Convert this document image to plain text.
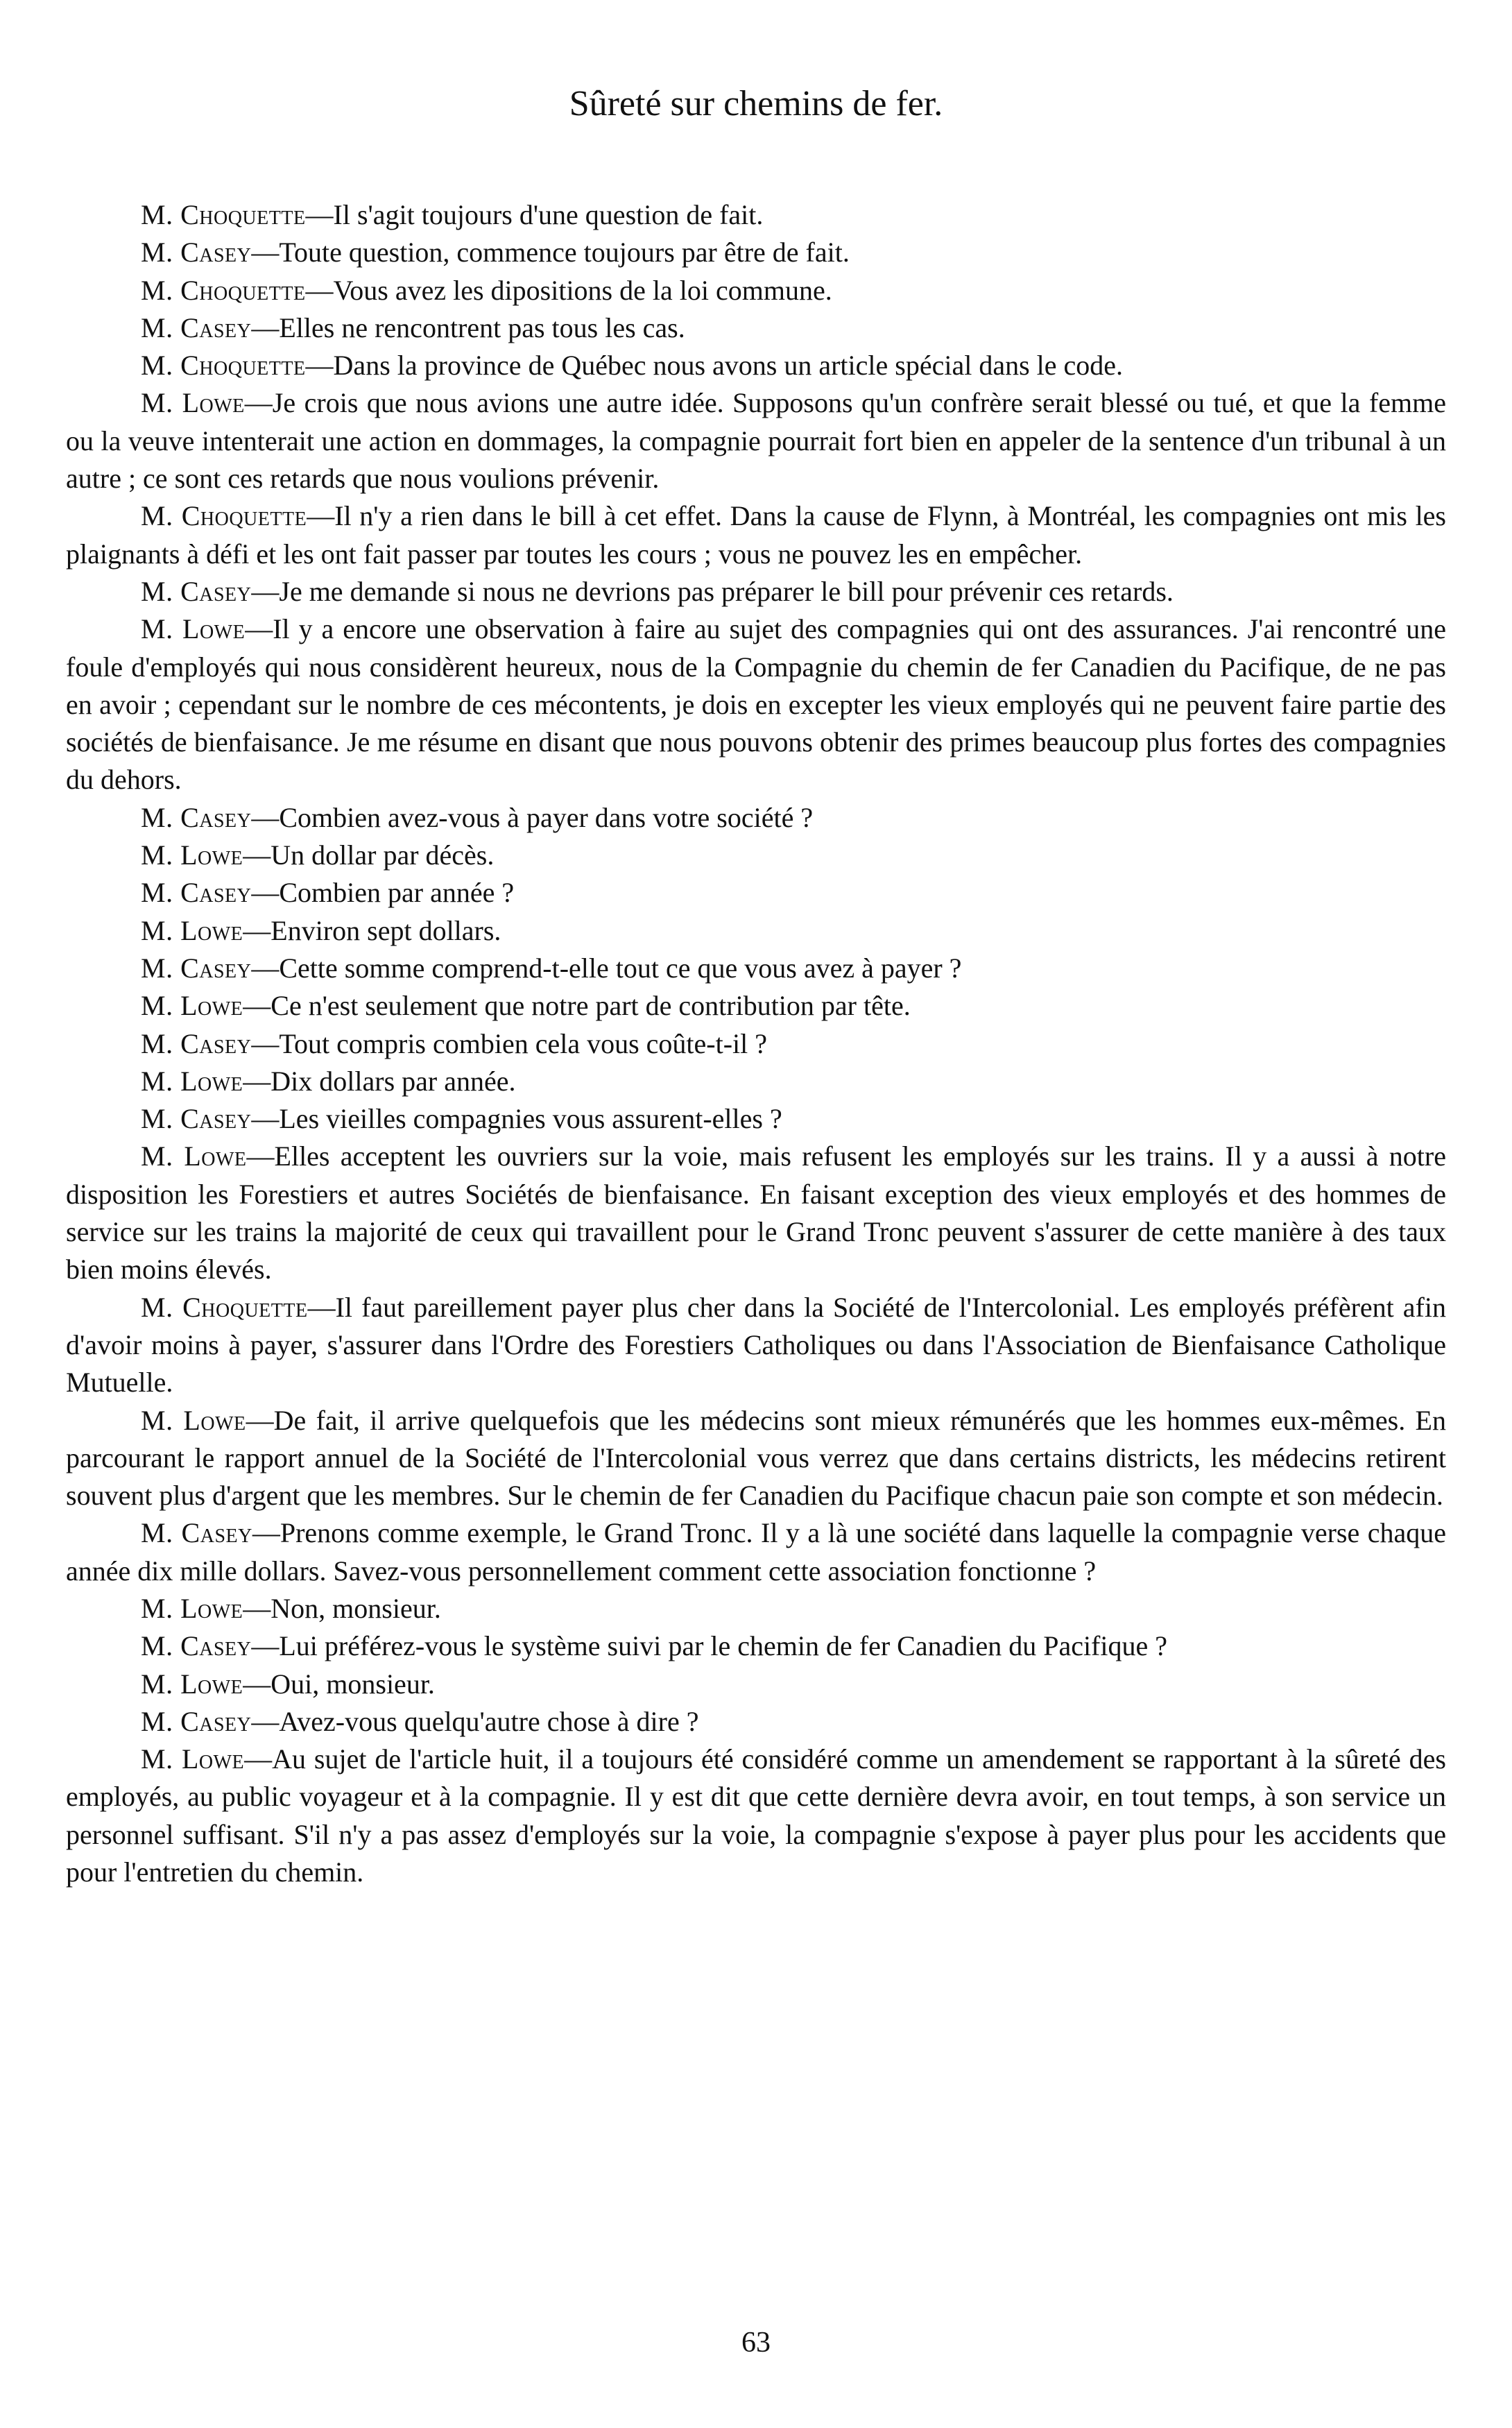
Sûreté sur chemins de fer.

M. Choquette—Il s'agit toujours d'une question de fait.

M. Casey—Toute question, commence toujours par être de fait.

M. Choquette—Vous avez les dipositions de la loi commune.

M. Casey—Elles ne rencontrent pas tous les cas.

M. Choquette—Dans la province de Québec nous avons un article spécial dans le code.

M. Lowe—Je crois que nous avions une autre idée. Supposons qu'un confrère serait blessé ou tué, et que la femme ou la veuve intenterait une action en dommages, la compagnie pourrait fort bien en appeler de la sentence d'un tribunal à un autre ; ce sont ces retards que nous voulions prévenir.

M. Choquette—Il n'y a rien dans le bill à cet effet. Dans la cause de Flynn, à Montréal, les compagnies ont mis les plaignants à défi et les ont fait passer par toutes les cours ; vous ne pouvez les en empêcher.

M. Casey—Je me demande si nous ne devrions pas préparer le bill pour prévenir ces retards.

M. Lowe—Il y a encore une observation à faire au sujet des compagnies qui ont des assurances. J'ai rencontré une foule d'employés qui nous considèrent heureux, nous de la Compagnie du chemin de fer Canadien du Pacifique, de ne pas en avoir ; cependant sur le nombre de ces mécontents, je dois en excepter les vieux employés qui ne peuvent faire partie des sociétés de bienfaisance. Je me résume en disant que nous pouvons obtenir des primes beaucoup plus fortes des compagnies du dehors.

M. Casey—Combien avez-vous à payer dans votre société ?

M. Lowe—Un dollar par décès.

M. Casey—Combien par année ?

M. Lowe—Environ sept dollars.

M. Casey—Cette somme comprend-t-elle tout ce que vous avez à payer ?

M. Lowe—Ce n'est seulement que notre part de contribution par tête.

M. Casey—Tout compris combien cela vous coûte-t-il ?

M. Lowe—Dix dollars par année.

M. Casey—Les vieilles compagnies vous assurent-elles ?

M. Lowe—Elles acceptent les ouvriers sur la voie, mais refusent les employés sur les trains. Il y a aussi à notre disposition les Forestiers et autres Sociétés de bienfaisance. En faisant exception des vieux employés et des hommes de service sur les trains la majorité de ceux qui travaillent pour le Grand Tronc peuvent s'assurer de cette manière à des taux bien moins élevés.

M. Choquette—Il faut pareillement payer plus cher dans la Société de l'Intercolonial. Les employés préfèrent afin d'avoir moins à payer, s'assurer dans l'Ordre des Forestiers Catholiques ou dans l'Association de Bienfaisance Catholique Mutuelle.

M. Lowe—De fait, il arrive quelquefois que les médecins sont mieux rémunérés que les hommes eux-mêmes. En parcourant le rapport annuel de la Société de l'Intercolonial vous verrez que dans certains districts, les médecins retirent souvent plus d'argent que les membres. Sur le chemin de fer Canadien du Pacifique chacun paie son compte et son médecin.

M. Casey—Prenons comme exemple, le Grand Tronc. Il y a là une société dans laquelle la compagnie verse chaque année dix mille dollars. Savez-vous personnellement comment cette association fonctionne ?

M. Lowe—Non, monsieur.

M. Casey—Lui préférez-vous le système suivi par le chemin de fer Canadien du Pacifique ?

M. Lowe—Oui, monsieur.

M. Casey—Avez-vous quelqu'autre chose à dire ?

M. Lowe—Au sujet de l'article huit, il a toujours été considéré comme un amendement se rapportant à la sûreté des employés, au public voyageur et à la compagnie. Il y est dit que cette dernière devra avoir, en tout temps, à son service un personnel suffisant. S'il n'y a pas assez d'employés sur la voie, la compagnie s'expose à payer plus pour les accidents que pour l'entretien du chemin.

63
